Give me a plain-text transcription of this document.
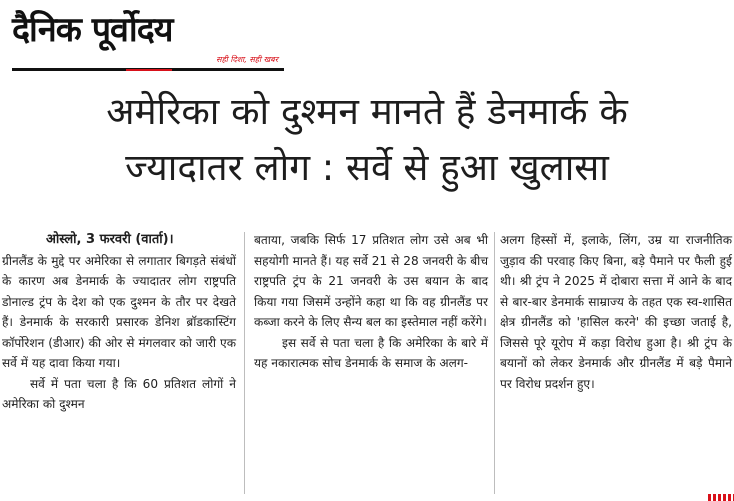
दैनिक पूर्वोदय
सही दिशा, सही खबर
अमेरिका को दुश्मन मानते हैं डेनमार्क के
ज्यादातर लोग : सर्वे से हुआ खुलासा
ओस्लो, 3 फरवरी (वार्ता)।

ग्रीनलैंड के मुद्दे पर अमेरिका से लगातार बिगड़ते संबंधों के कारण अब डेनमार्क के ज्यादातर लोग राष्ट्रपति डोनाल्ड ट्रंप के देश को एक दुश्मन के तौर पर देखते हैं। डेनमार्क के सरकारी प्रसारक डेनिश ब्रॉडकास्टिंग कॉर्पोरेशन (डीआर) की ओर से मंगलवार को जारी एक सर्वे में यह दावा किया गया।

सर्वे में पता चला है कि 60 प्रतिशत लोगों ने अमेरिका को दुश्मन

बताया, जबकि सिर्फ 17 प्रतिशत लोग उसे अब भी सहयोगी मानते हैं। यह सर्वे 21 से 28 जनवरी के बीच राष्ट्रपति ट्रंप के 21 जनवरी के उस बयान के बाद किया गया जिसमें उन्होंने कहा था कि वह ग्रीनलैंड पर कब्जा करने के लिए सैन्य बल का इस्तेमाल नहीं करेंगे।

इस सर्वे से पता चला है कि अमेरिका के बारे में यह नकारात्मक सोच डेनमार्क के समाज के अलग-

अलग हिस्सों में, इलाके, लिंग, उम्र या राजनीतिक जुड़ाव की परवाह किए बिना, बड़े पैमाने पर फैली हुई थी। श्री ट्रंप ने 2025 में दोबारा सत्ता में आने के बाद से बार-बार डेनमार्क साम्राज्य के तहत एक स्व-शासित क्षेत्र ग्रीनलैंड को 'हासिल करने' की इच्छा जताई है, जिससे पूरे यूरोप में कड़ा विरोध हुआ है। श्री ट्रंप के बयानों को लेकर डेनमार्क और ग्रीनलैंड में बड़े पैमाने पर विरोध प्रदर्शन हुए।
